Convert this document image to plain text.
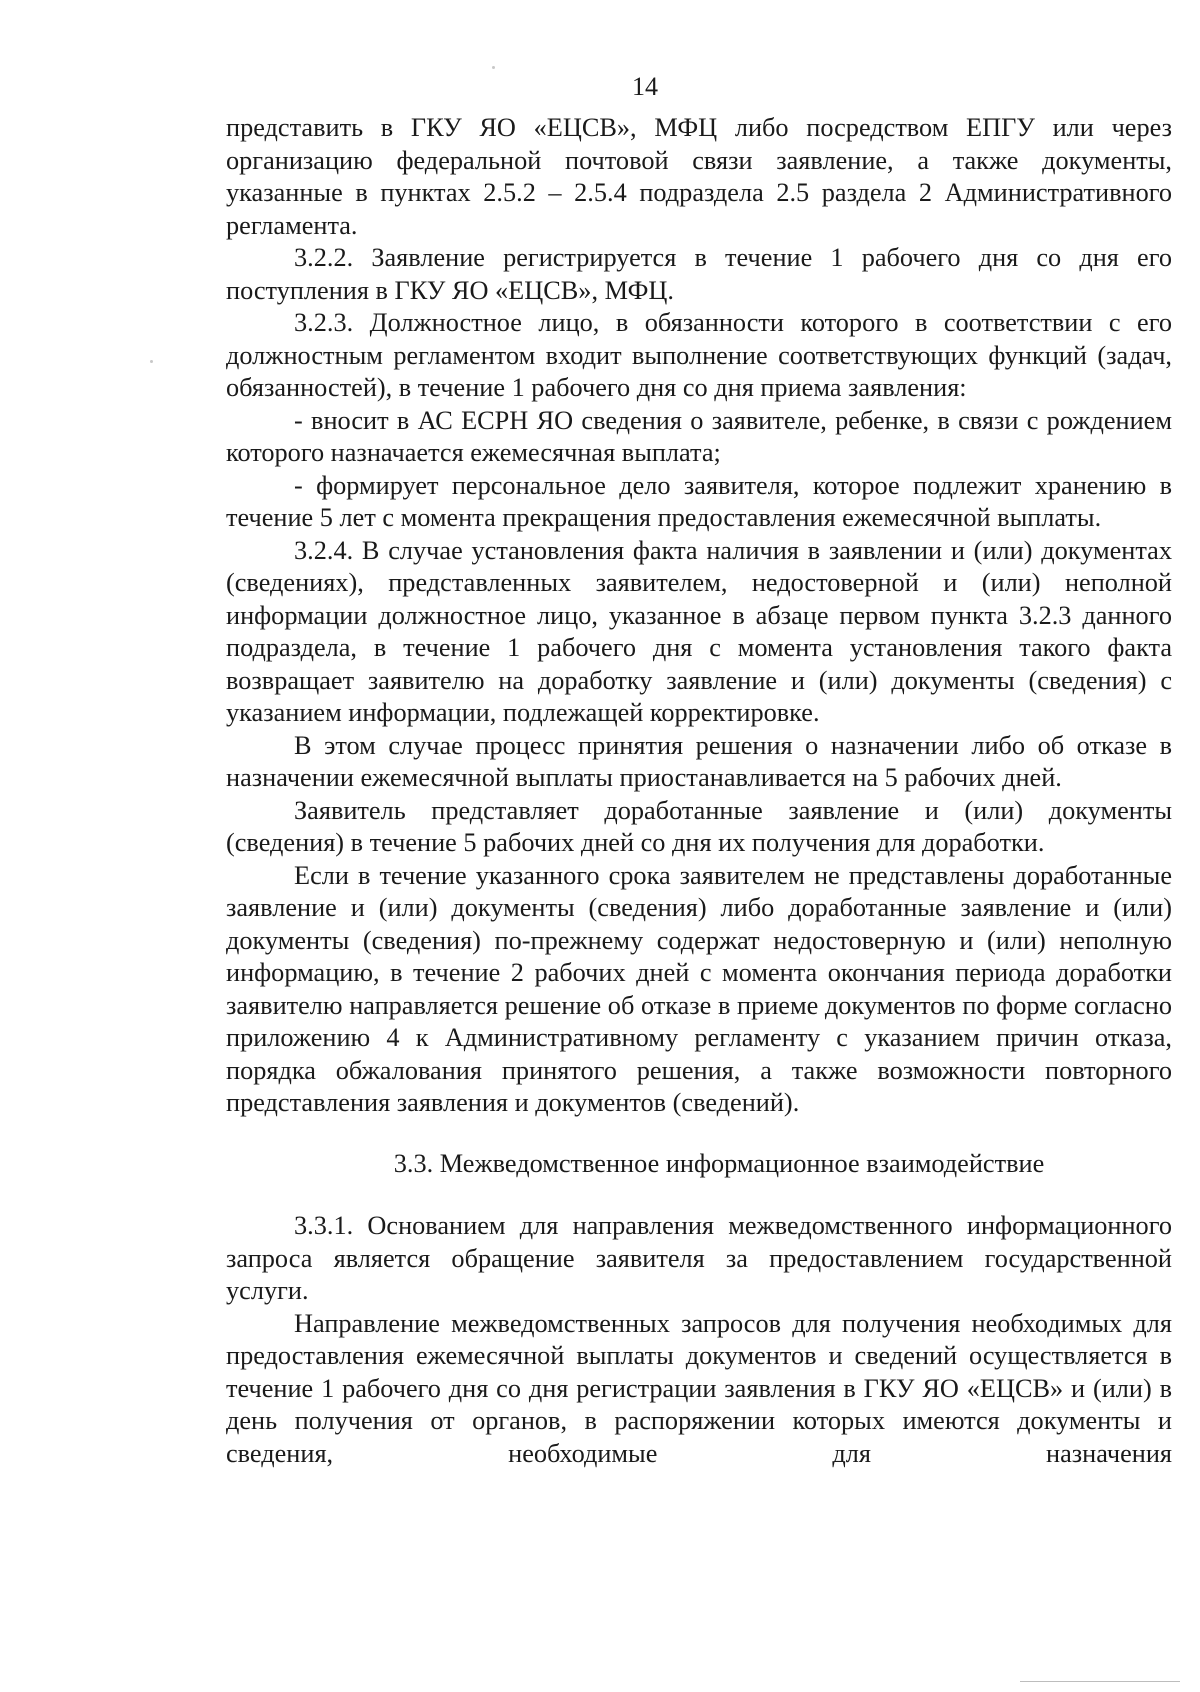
14

представить в ГКУ ЯО «ЕЦСВ», МФЦ либо посредством ЕПГУ или через организацию федеральной почтовой связи заявление, а также документы, указанные в пунктах 2.5.2 – 2.5.4 подраздела 2.5 раздела 2 Административного регламента.

3.2.2. Заявление регистрируется в течение 1 рабочего дня со дня его поступления в ГКУ ЯО «ЕЦСВ», МФЦ.

3.2.3. Должностное лицо, в обязанности которого в соответствии с его должностным регламентом входит выполнение соответствующих функций (задач, обязанностей), в течение 1 рабочего дня со дня приема заявления:

- вносит в АС ЕСРН ЯО сведения о заявителе, ребенке, в связи с рождением которого назначается ежемесячная выплата;

- формирует персональное дело заявителя, которое подлежит хранению в течение 5 лет с момента прекращения предоставления ежемесячной выплаты.

3.2.4. В случае установления факта наличия в заявлении и (или) документах (сведениях), представленных заявителем, недостоверной и (или) неполной информации должностное лицо, указанное в абзаце первом пункта 3.2.3 данного подраздела, в течение 1 рабочего дня с момента установления такого факта возвращает заявителю на доработку заявление и (или) документы (сведения) с указанием информации, подлежащей корректировке.

В этом случае процесс принятия решения о назначении либо об отказе в назначении ежемесячной выплаты приостанавливается на 5 рабочих дней.

Заявитель представляет доработанные заявление и (или) документы (сведения) в течение 5 рабочих дней со дня их получения для доработки.

Если в течение указанного срока заявителем не представлены доработанные заявление и (или) документы (сведения) либо доработанные заявление и (или) документы (сведения) по-прежнему содержат недостоверную и (или) неполную информацию, в течение 2 рабочих дней с момента окончания периода доработки заявителю направляется решение об отказе в приеме документов по форме согласно приложению 4 к Административному регламенту с указанием причин отказа, порядка обжалования принятого решения, а также возможности повторного представления заявления и документов (сведений).

3.3. Межведомственное информационное взаимодействие

3.3.1. Основанием для направления межведомственного информационного запроса является обращение заявителя за предоставлением государственной услуги.

Направление межведомственных запросов для получения необходимых для предоставления ежемесячной выплаты документов и сведений осуществляется в течение 1 рабочего дня со дня регистрации заявления в ГКУ ЯО «ЕЦСВ» и (или) в день получения от органов, в распоряжении которых имеются документы и сведения, необходимые для назначения
